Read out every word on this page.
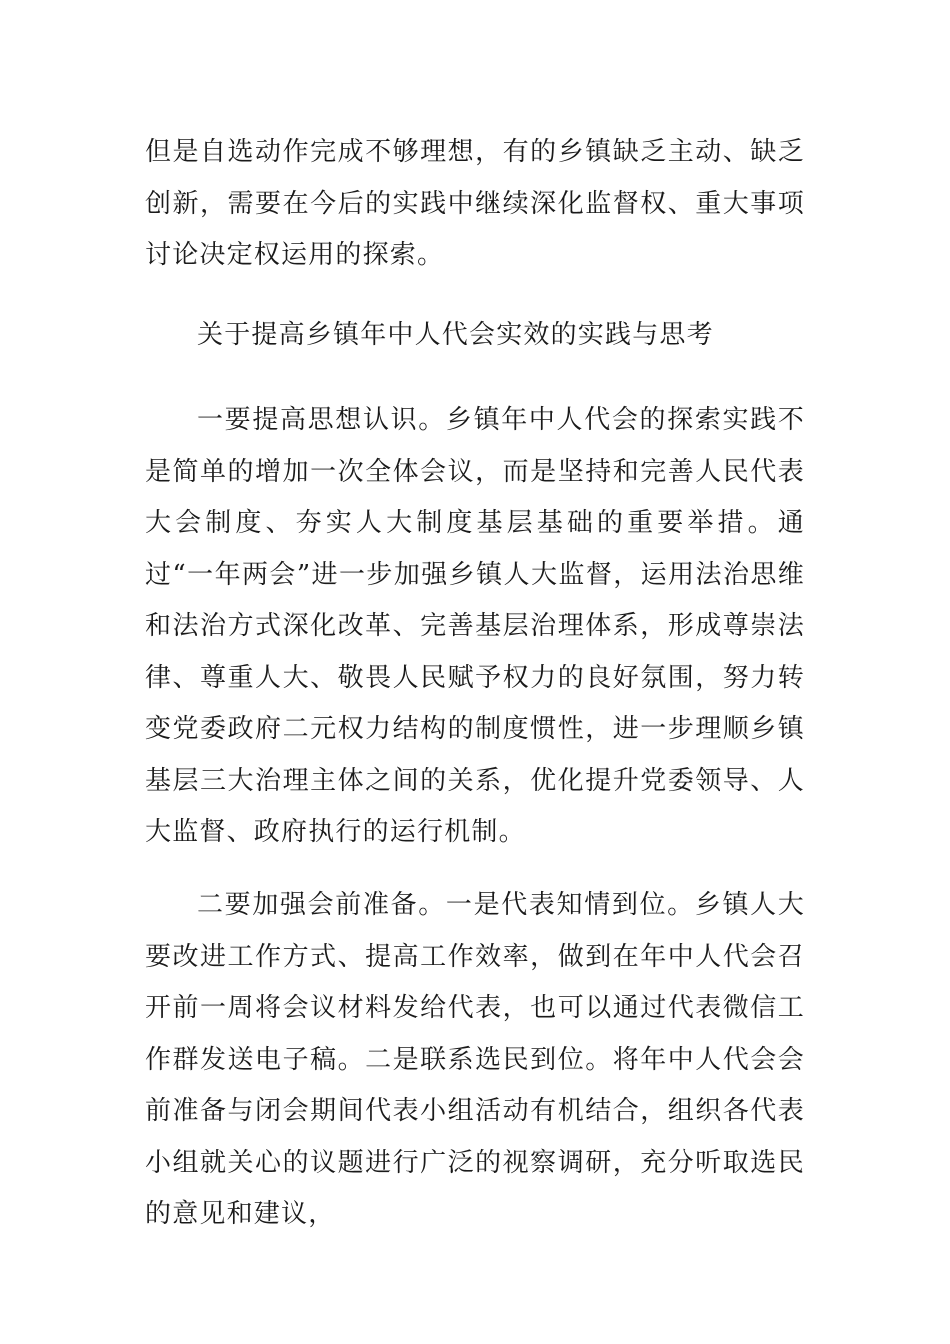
但是自选动作完成不够理想，有的乡镇缺乏主动、缺乏创新，需要在今后的实践中继续深化监督权、重大事项讨论决定权运用的探索。

关于提高乡镇年中人代会实效的实践与思考

一要提高思想认识。乡镇年中人代会的探索实践不是简单的增加一次全体会议，而是坚持和完善人民代表大会制度、夯实人大制度基层基础的重要举措。通过“一年两会”进一步加强乡镇人大监督，运用法治思维和法治方式深化改革、完善基层治理体系，形成尊崇法律、尊重人大、敬畏人民赋予权力的良好氛围，努力转变党委政府二元权力结构的制度惯性，进一步理顺乡镇基层三大治理主体之间的关系，优化提升党委领导、人大监督、政府执行的运行机制。

二要加强会前准备。一是代表知情到位。乡镇人大要改进工作方式、提高工作效率，做到在年中人代会召开前一周将会议材料发给代表，也可以通过代表微信工作群发送电子稿。二是联系选民到位。将年中人代会会前准备与闭会期间代表小组活动有机结合，组织各代表小组就关心的议题进行广泛的视察调研，充分听取选民的意见和建议，
